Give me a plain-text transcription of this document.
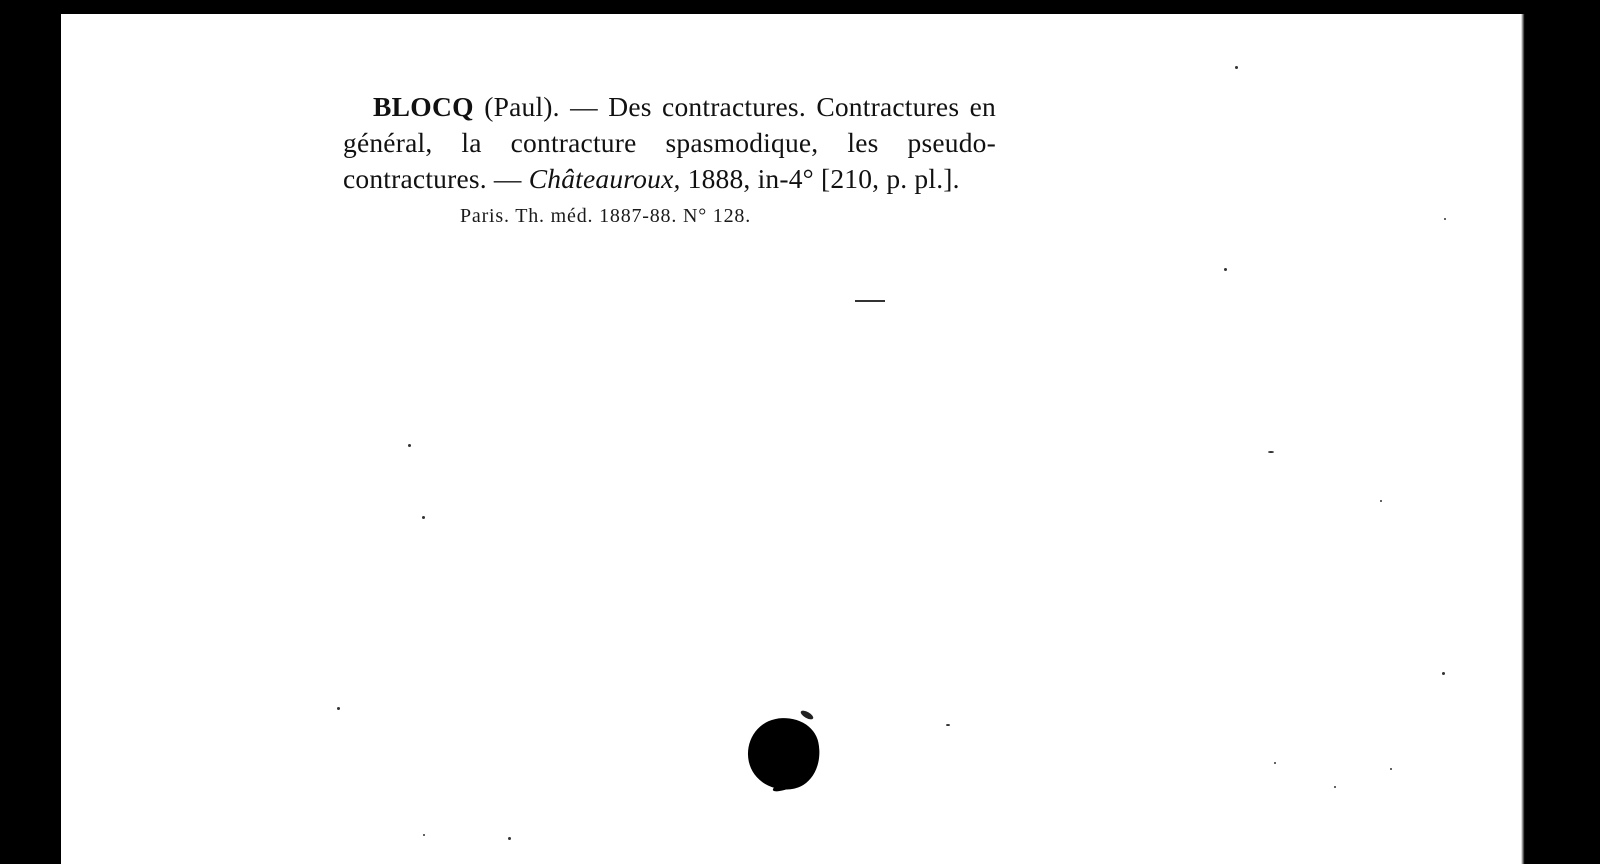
BLOCQ (Paul). — Des contractures. Contractures en général, la contracture spasmodique, les pseudo-contractures. — Châteauroux, 1888, in-4° [210, p. pl.].

Paris. Th. méd. 1887-88. N° 128.
